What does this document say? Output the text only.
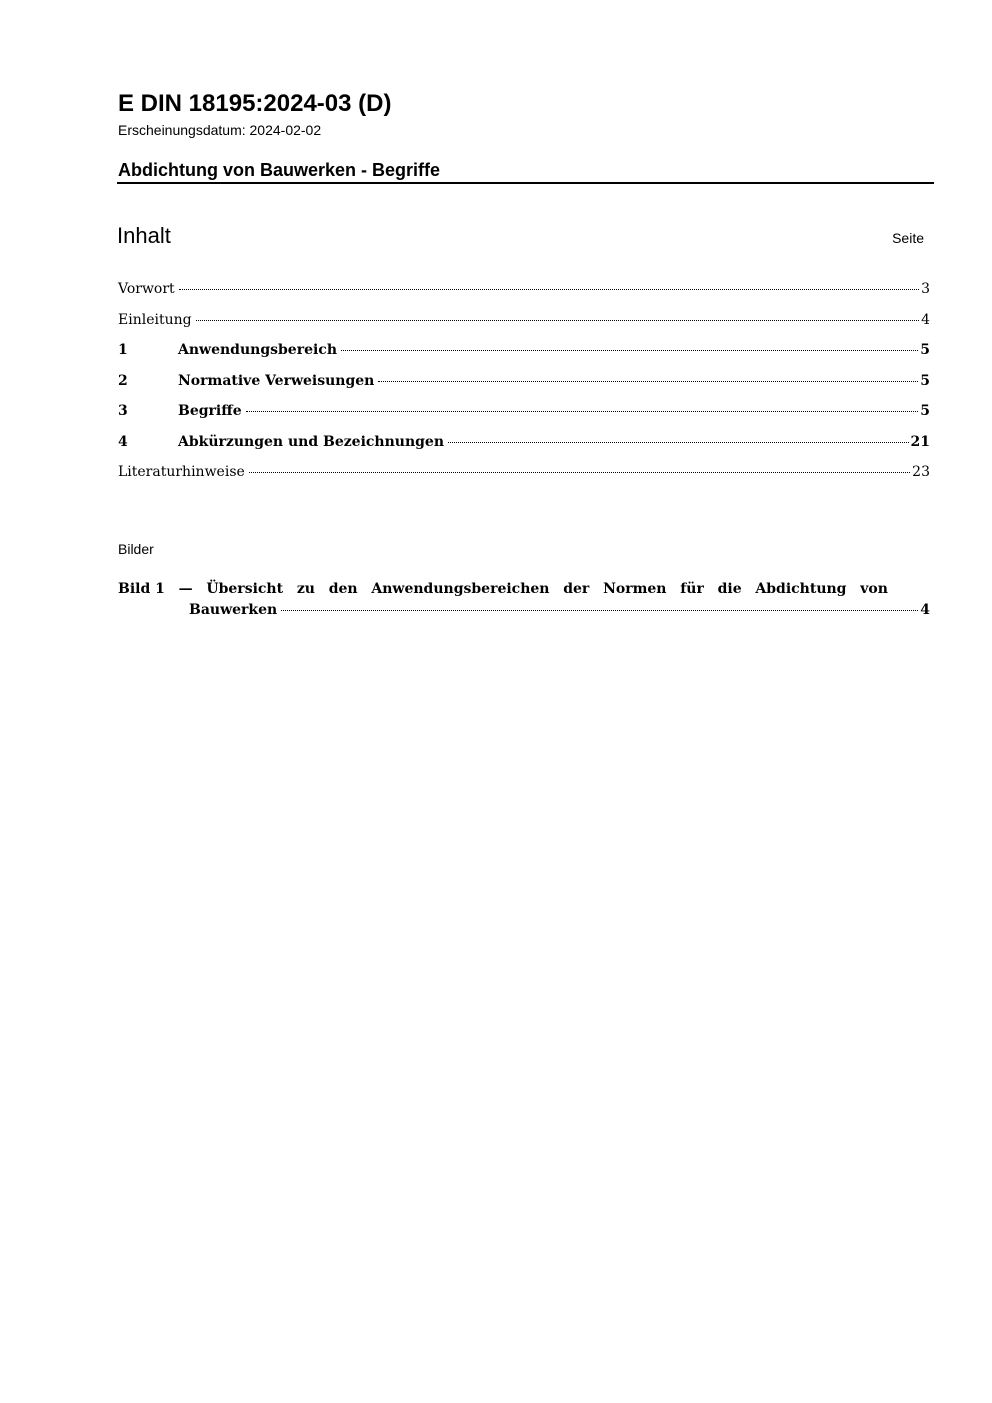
E DIN 18195:2024-03 (D)
Erscheinungsdatum: 2024-02-02
Abdichtung von Bauwerken - Begriffe
Inhalt	Seite
Vorwort	3
Einleitung	4
1	Anwendungsbereich	5
2	Normative Verweisungen	5
3	Begriffe	5
4	Abkürzungen und Bezeichnungen	21
Literaturhinweise	23
Bilder
Bild 1 — Übersicht zu den Anwendungsbereichen der Normen für die Abdichtung von
Bauwerken	4
